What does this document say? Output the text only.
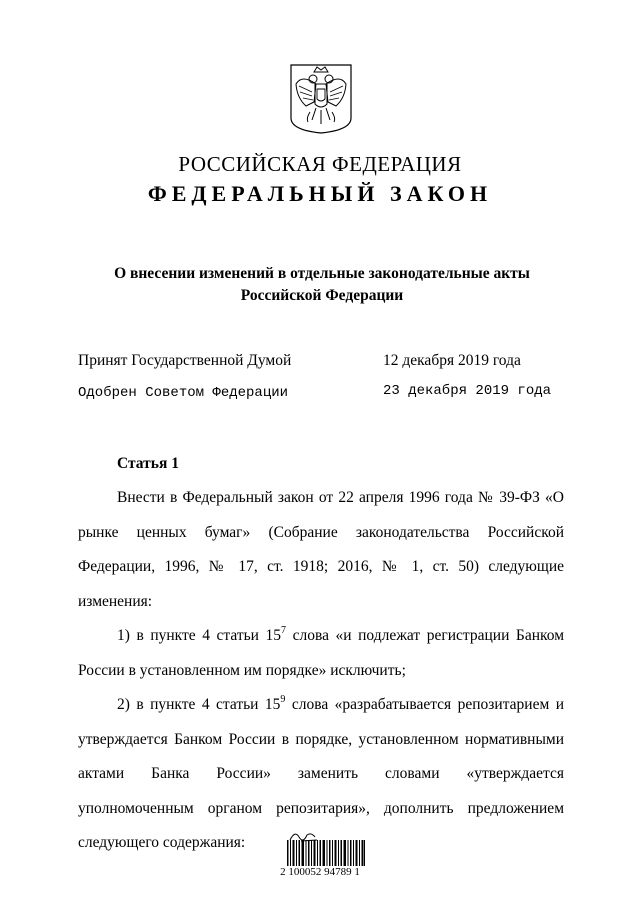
РОССИЙСКАЯ ФЕДЕРАЦИЯ
ФЕДЕРАЛЬНЫЙ ЗАКОН
О внесении изменений в отдельные законодательные акты
Российской Федерации
Принят Государственной Думой	12 декабря 2019 года
Одобрен Советом Федерации	23 декабря 2019 года
Статья 1

Внести в Федеральный закон от 22 апреля 1996 года № 39-ФЗ «О рынке ценных бумаг» (Собрание законодательства Российской Федерации, 1996, № 17, ст. 1918; 2016, № 1, ст. 50) следующие изменения:

1) в пункте 4 статьи $15^7$ слова «и подлежат регистрации Банком России в установленном им порядке» исключить;

2) в пункте 4 статьи $15^9$ слова «разрабатывается репозитарием и утверждается Банком России в порядке, установленном нормативными актами Банка России» заменить словами «утверждается уполномоченным органом репозитария», дополнить предложением следующего содержания:

2 100052 94789 1
